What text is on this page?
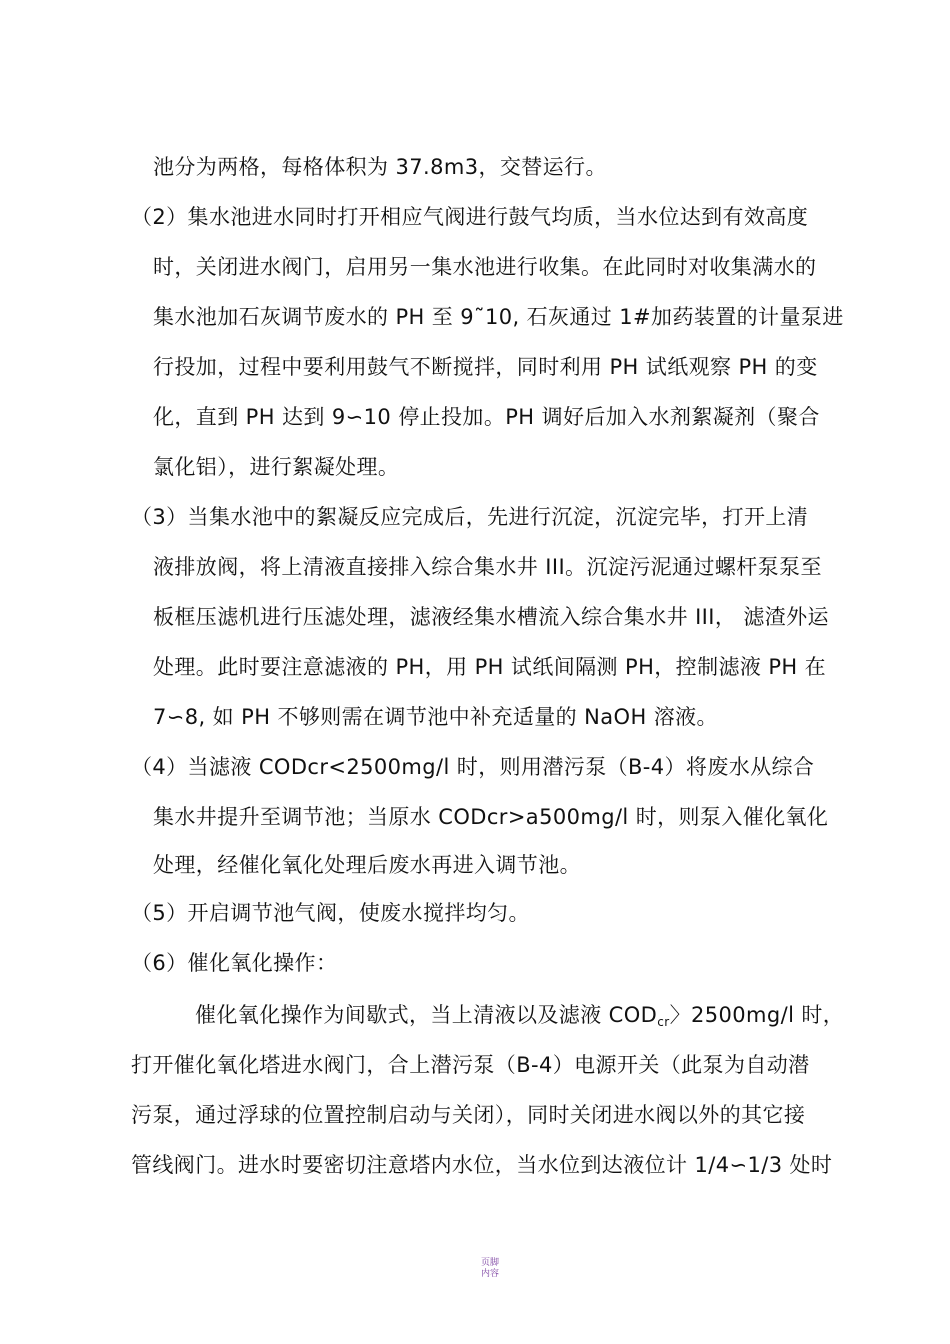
池分为两格，每格体积为 37.8m3，交替运行。
（2）集水池进水同时打开相应气阀进行鼓气均质，当水位达到有效高度
时，关闭进水阀门，启用另一集水池进行收集。在此同时对收集满水的
集水池加石灰调节废水的 PH 至 9˜10, 石灰通过 1#加药装置的计量泵进
行投加，过程中要利用鼓气不断搅拌，同时利用 PH 试纸观察 PH 的变
化，直到 PH 达到 9∽10 停止投加。PH 调好后加入水剂絮凝剂（聚合
氯化铝），进行絮凝处理。
（3）当集水池中的絮凝反应完成后，先进行沉淀，沉淀完毕，打开上清
液排放阀，将上清液直接排入综合集水井 III。沉淀污泥通过螺杆泵泵至
板框压滤机进行压滤处理，滤液经集水槽流入综合集水井 III， 滤渣外运
处理。此时要注意滤液的 PH，用 PH 试纸间隔测 PH，控制滤液 PH 在
7∽8, 如 PH 不够则需在调节池中补充适量的 NaOH 溶液。
（4）当滤液 CODcr<2500mg/l 时，则用潜污泵（B-4）将废水从综合
集水井提升至调节池；当原水 CODcr>a500mg/l 时，则泵入催化氧化
处理，经催化氧化处理后废水再进入调节池。
（5）开启调节池气阀，使废水搅拌均匀。
（6）催化氧化操作：
催化氧化操作为间歇式，当上清液以及滤液 $COD_{cr}$〉2500mg/l 时，
打开催化氧化塔进水阀门，合上潜污泵（B-4）电源开关（此泵为自动潜
污泵，通过浮球的位置控制启动与关闭），同时关闭进水阀以外的其它接
管线阀门。进水时要密切注意塔内水位，当水位到达液位计 1/4∽1/3 处时
页脚
内容
